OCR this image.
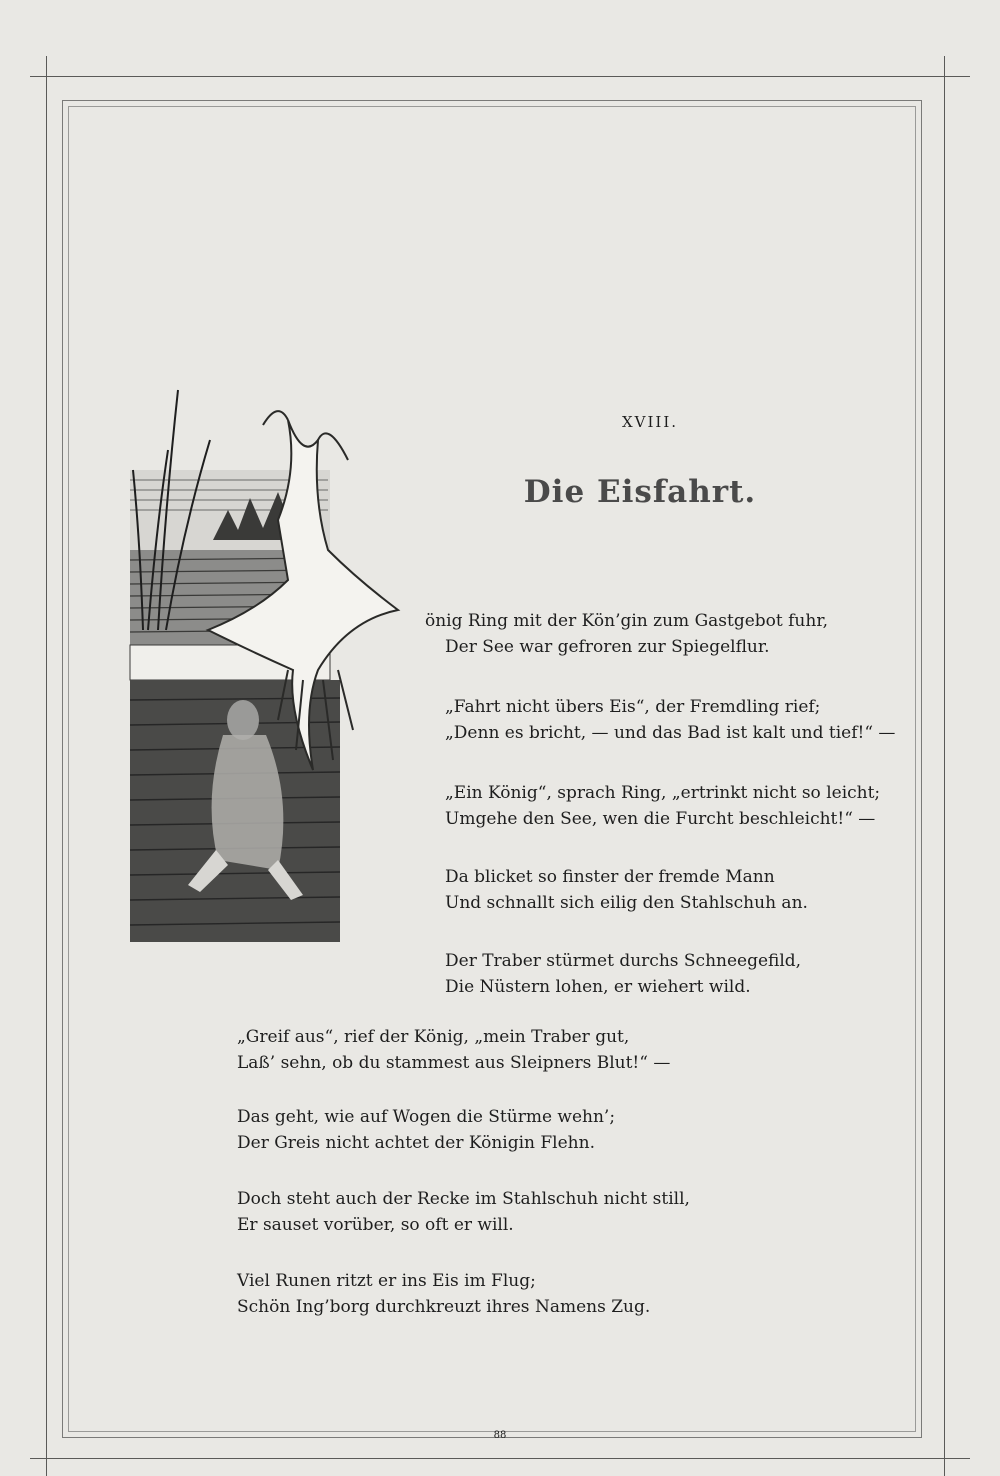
XVIII.
Die Eisfahrt.
önig Ring mit der Kön’gin zum Gastgebot fuhr,
Der See war gefroren zur Spiegelflur.
„Fahrt nicht übers Eis“, der Fremdling rief;
„Denn es bricht, — und das Bad ist kalt und tief!“ —
„Ein König“, sprach Ring, „ertrinkt nicht so leicht;
Umgehe den See, wen die Furcht beschleicht!“ —
Da blicket so finster der fremde Mann
Und schnallt sich eilig den Stahlschuh an.
Der Traber stürmet durchs Schneegefild,
Die Nüstern lohen, er wiehert wild.
„Greif aus“, rief der König, „mein Traber gut,
Laß’ sehn, ob du stammest aus Sleipners Blut!“ —
Das geht, wie auf Wogen die Stürme wehn’;
Der Greis nicht achtet der Königin Flehn.
Doch steht auch der Recke im Stahlschuh nicht still,
Er sauset vorüber, so oft er will.
Viel Runen ritzt er ins Eis im Flug;
Schön Ing’borg durchkreuzt ihres Namens Zug.
88
